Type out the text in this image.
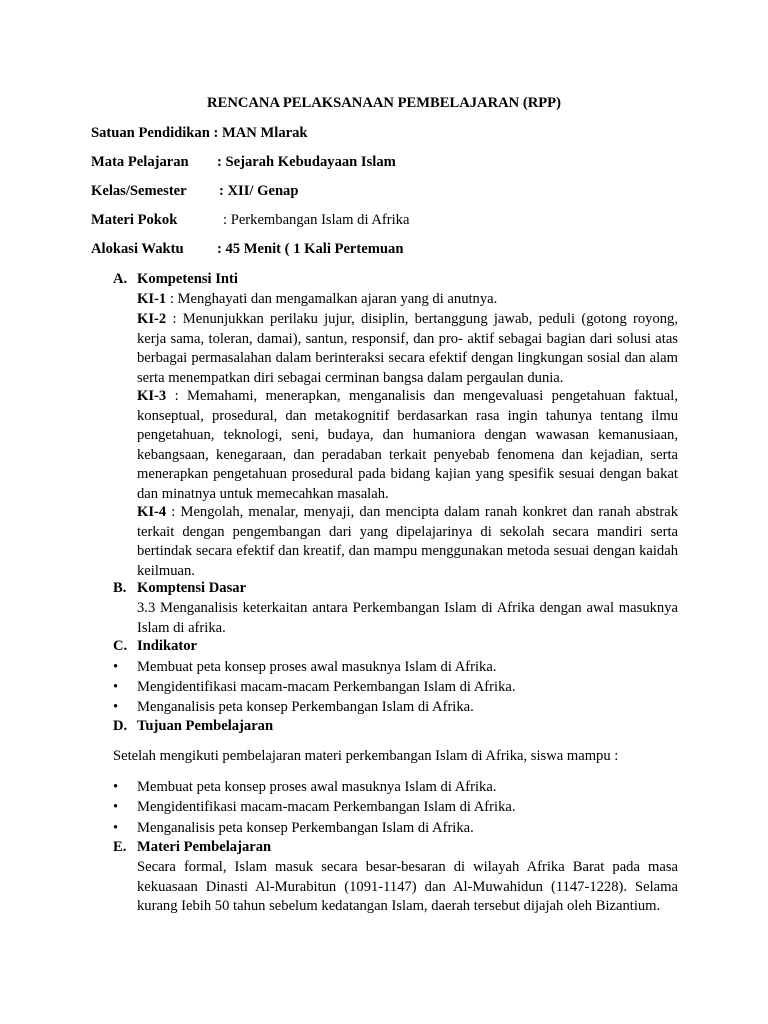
RENCANA PELAKSANAAN PEMBELAJARAN (RPP)
Satuan Pendidikan : MAN Mlarak
Mata Pelajaran : Sejarah Kebudayaan Islam
Kelas/Semester : XII/ Genap
Materi Pokok	: Perkembangan Islam di Afrika
Alokasi Waktu : 45 Menit ( 1 Kali Pertemuan
A. Kompetensi Inti
KI-1 : Menghayati dan mengamalkan ajaran yang di anutnya.
KI-2 : Menunjukkan perilaku jujur, disiplin, bertanggung jawab, peduli (gotong royong, kerja sama, toleran, damai), santun, responsif, dan pro- aktif sebagai bagian dari solusi atas berbagai permasalahan dalam berinteraksi secara efektif dengan lingkungan sosial dan alam serta menempatkan diri sebagai cerminan bangsa dalam pergaulan dunia.
KI-3 : Memahami, menerapkan, menganalisis dan mengevaluasi pengetahuan faktual, konseptual, prosedural, dan metakognitif berdasarkan rasa ingin tahunya tentang ilmu pengetahuan, teknologi, seni, budaya, dan humaniora dengan wawasan kemanusiaan, kebangsaan, kenegaraan, dan peradaban terkait penyebab fenomena dan kejadian, serta menerapkan pengetahuan prosedural pada bidang kajian yang spesifik sesuai dengan bakat dan minatnya untuk memecahkan masalah.
KI-4 : Mengolah, menalar, menyaji, dan mencipta dalam ranah konkret dan ranah abstrak terkait dengan pengembangan dari yang dipelajarinya di sekolah secara mandiri serta bertindak secara efektif dan kreatif, dan mampu menggunakan metoda sesuai dengan kaidah keilmuan.
B. Komptensi Dasar
3.3 Menganalisis keterkaitan antara Perkembangan Islam di Afrika dengan awal masuknya Islam di afrika.
C. Indikator
• Membuat peta konsep proses awal masuknya Islam di Afrika.
• Mengidentifikasi macam-macam Perkembangan Islam di Afrika.
• Menganalisis peta konsep Perkembangan Islam di Afrika.
D. Tujuan Pembelajaran
Setelah mengikuti pembelajaran materi perkembangan Islam di Afrika, siswa mampu :
• Membuat peta konsep proses awal masuknya Islam di Afrika.
• Mengidentifikasi macam-macam Perkembangan Islam di Afrika.
• Menganalisis peta konsep Perkembangan Islam di Afrika.
E. Materi Pembelajaran
Secara formal, Islam masuk secara besar-besaran di wilayah Afrika Barat pada masa kekuasaan Dinasti Al-Murabitun (1091-1147) dan Al-Muwahidun (1147-1228). Selama kurang Iebih 50 tahun sebelum kedatangan Islam, daerah tersebut dijajah oleh Bizantium.
